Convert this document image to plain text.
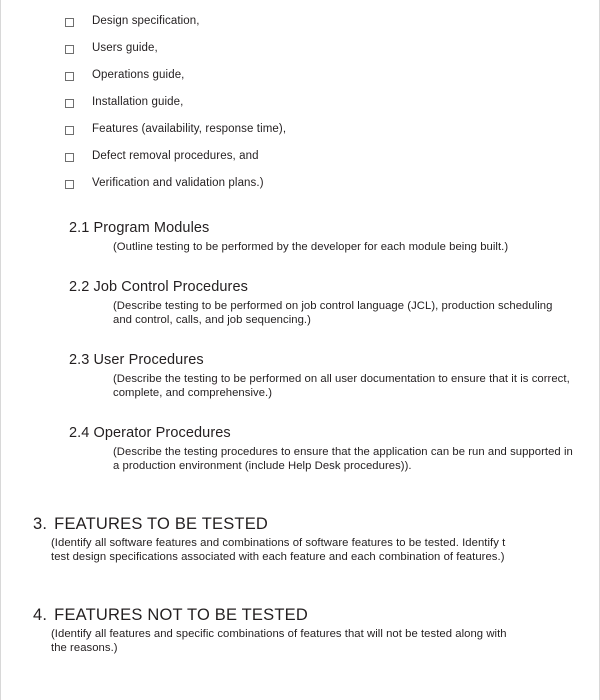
Design specification,
Users guide,
Operations guide,
Installation guide,
Features (availability, response time),
Defect removal procedures, and
Verification and validation plans.)
2.1 Program Modules
(Outline testing to be performed by the developer for each module being built.)
2.2 Job Control Procedures
(Describe testing to be performed on job control language (JCL), production scheduling and control, calls, and job sequencing.)
2.3 User Procedures
(Describe the testing to be performed on all user documentation to ensure that it is correct, complete, and comprehensive.)
2.4 Operator Procedures
(Describe the testing procedures to ensure that the application can be run and supported in a production environment (include Help Desk procedures)).
3. FEATURES TO BE TESTED
(Identify all software features and combinations of software features to be tested. Identify t
test design specifications associated with each feature and each combination of features.)
4. FEATURES NOT TO BE TESTED
(Identify all features and specific combinations of features that will not be tested along with
the reasons.)
